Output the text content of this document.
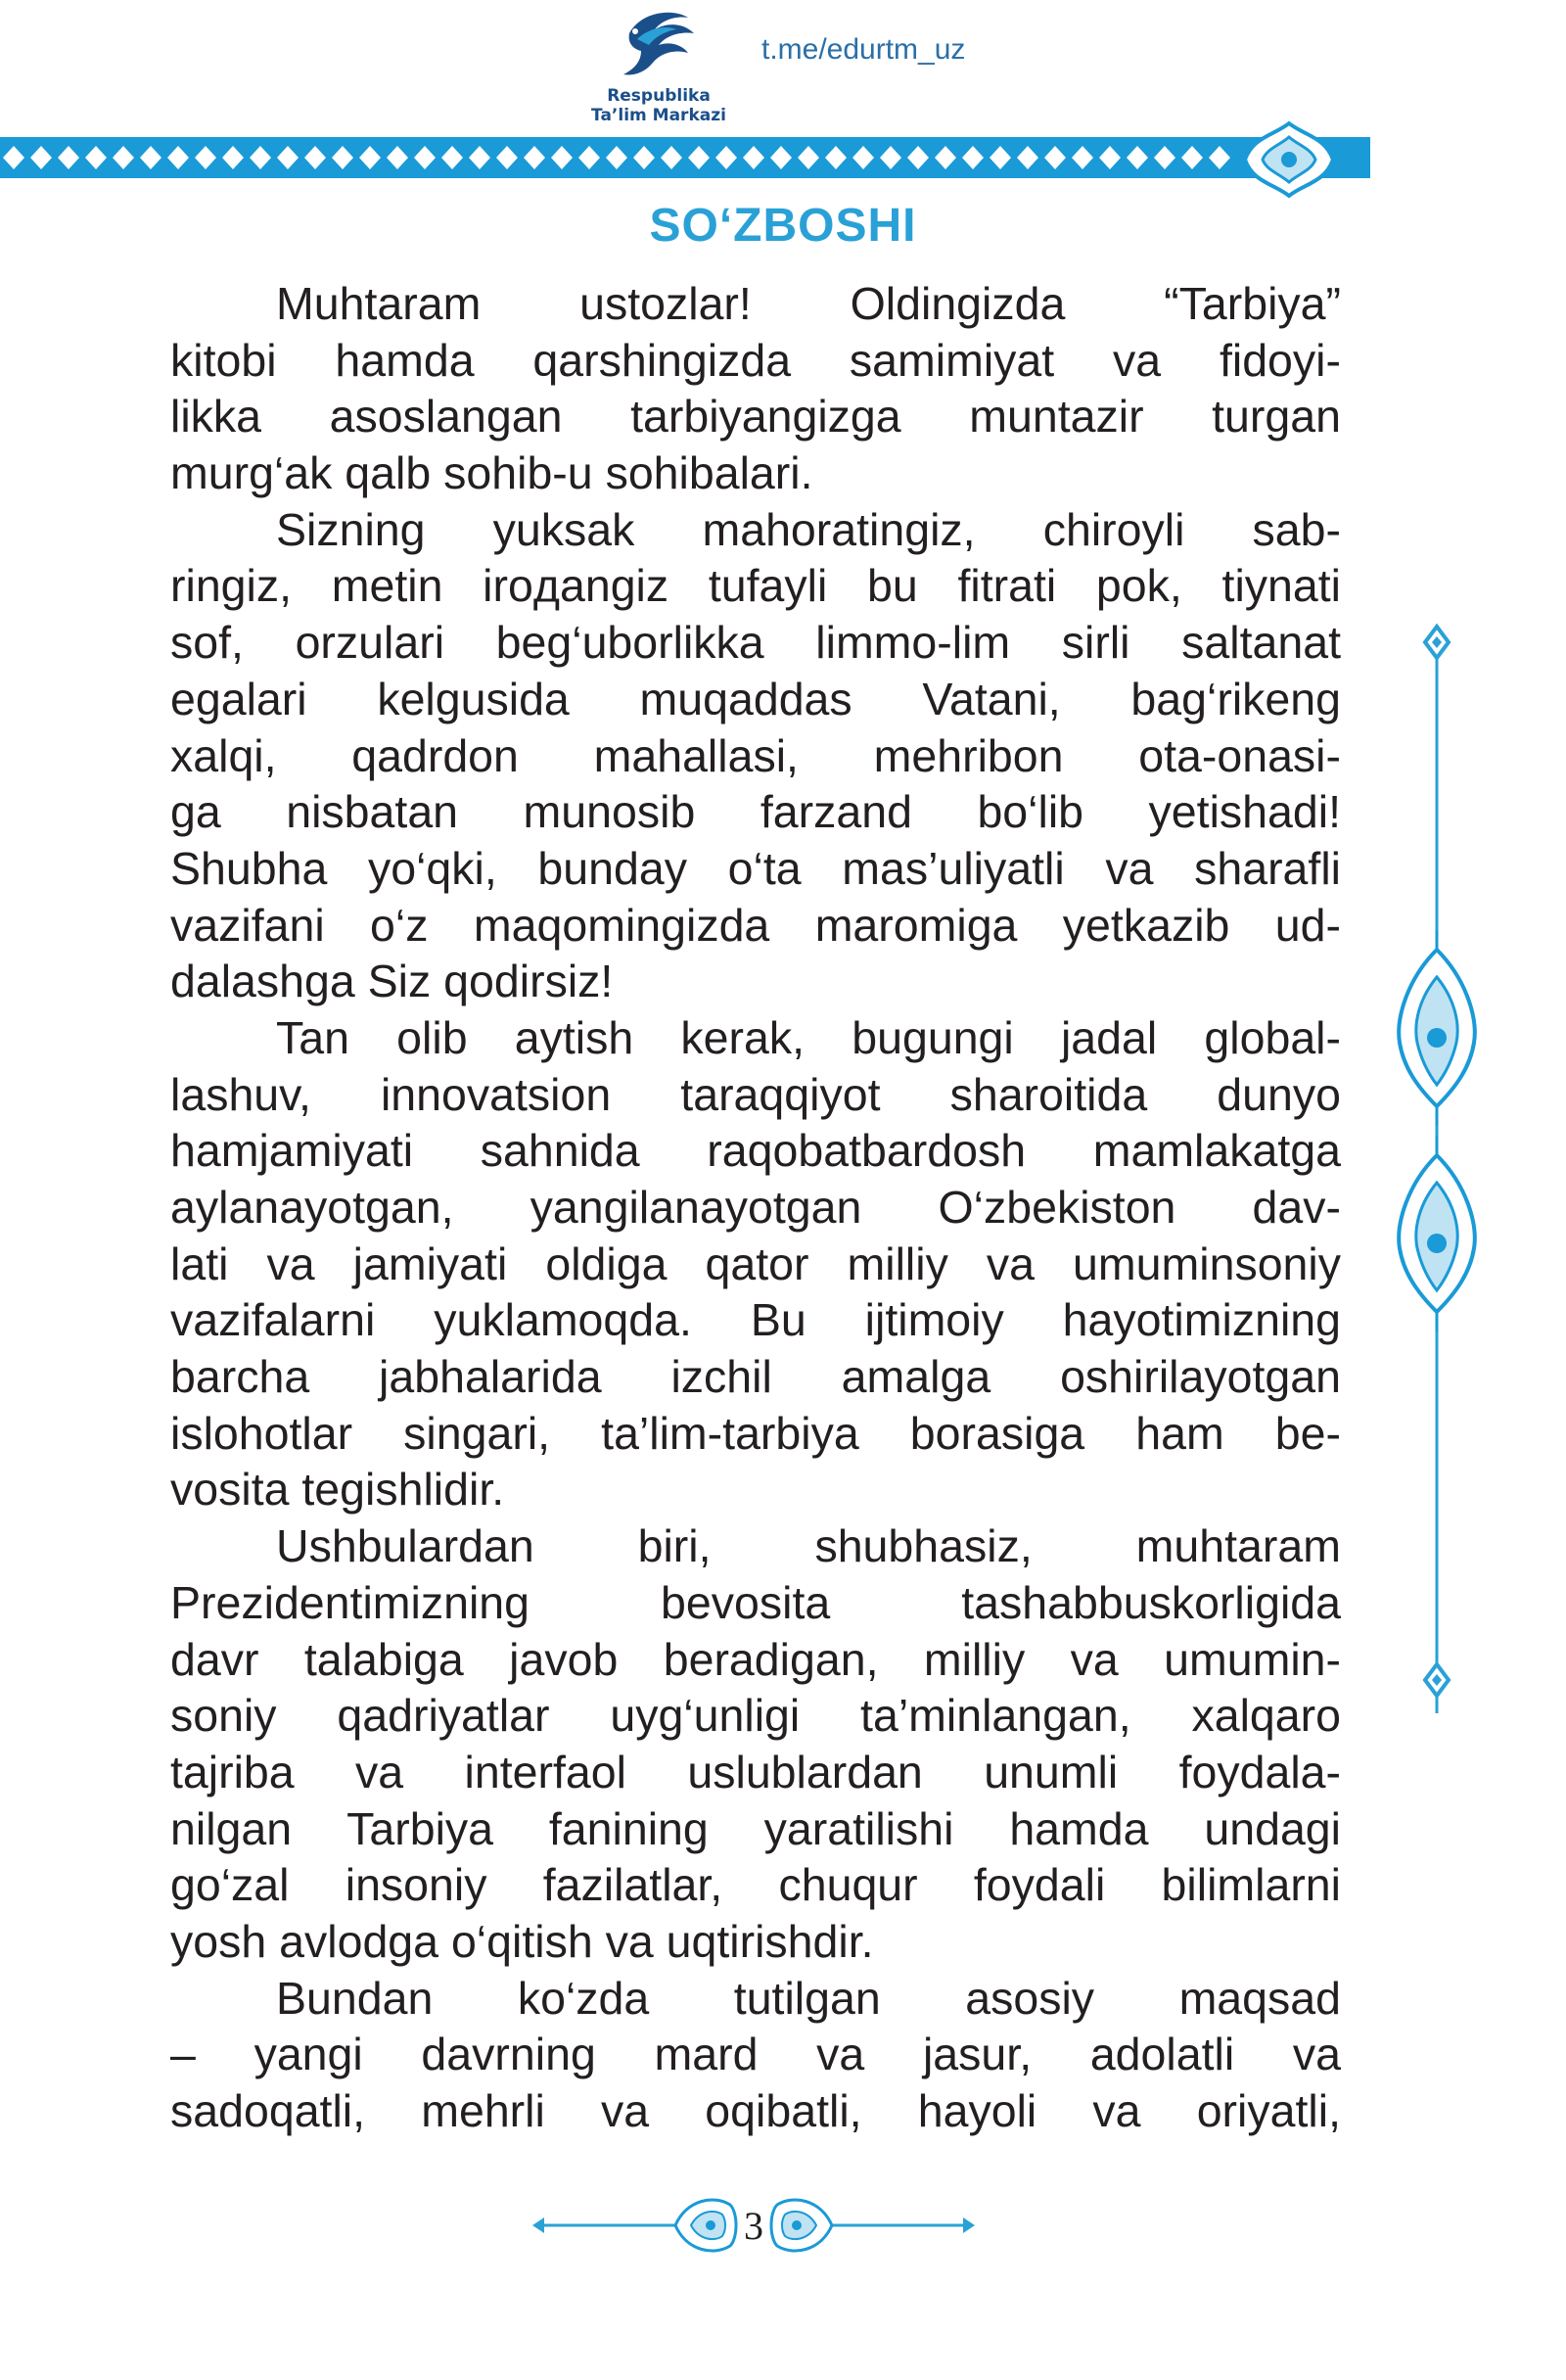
Respublika
Ta’lim Markazi
t.me/edurtm_uz
SO‘ZBOSHI
Muhtaram ustozlar! Oldingizda “Tarbiya”
kitobi hamda qarshingizda samimiyat va fidoyi-
likka asoslangan tarbiyangizga muntazir turgan
murg‘ak qalb sohib-u sohibalari.
Sizning yuksak mahoratingiz, chiroyli sab-
ringiz, metin iroдangiz tufayli bu fitrati pok, tiynati
sof, orzulari beg‘uborlikka limmo-lim sirli saltanat
egalari kelgusida muqaddas Vatani, bag‘rikeng
xalqi, qadrdon mahallasi, mehribon ota-onasi-
ga nisbatan munosib farzand bo‘lib yetishadi!
Shubha yo‘qki, bunday o‘ta mas’uliyatli va sharafli
vazifani o‘z maqomingizda maromiga yetkazib ud-
dalashga Siz qodirsiz!
Tan olib aytish kerak, bugungi jadal global-
lashuv, innovatsion taraqqiyot sharoitida dunyo
hamjamiyati sahnida raqobatbardosh mamlakatga
aylanayotgan, yangilanayotgan O‘zbekiston dav-
lati va jamiyati oldiga qator milliy va umuminsoniy
vazifalarni yuklamoqda. Bu ijtimoiy hayotimizning
barcha jabhalarida izchil amalga oshirilayotgan
islohotlar singari, ta’lim-tarbiya borasiga ham be-
vosita tegishlidir.
Ushbulardan biri, shubhasiz, muhtaram
Prezidentimizning bevosita tashabbuskorligida
davr talabiga javob beradigan, milliy va umumin-
soniy qadriyatlar uyg‘unligi ta’minlangan, xalqaro
tajriba va interfaol uslublardan unumli foydala-
nilgan Tarbiya fanining yaratilishi hamda undagi
go‘zal insoniy fazilatlar, chuqur foydali bilimlarni
yosh avlodga o‘qitish va uqtirishdir.
Bundan ko‘zda tutilgan asosiy maqsad
– yangi davrning mard va jasur, adolatli va
sadoqatli, mehrli va oqibatli, hayoli va oriyatli,
3
